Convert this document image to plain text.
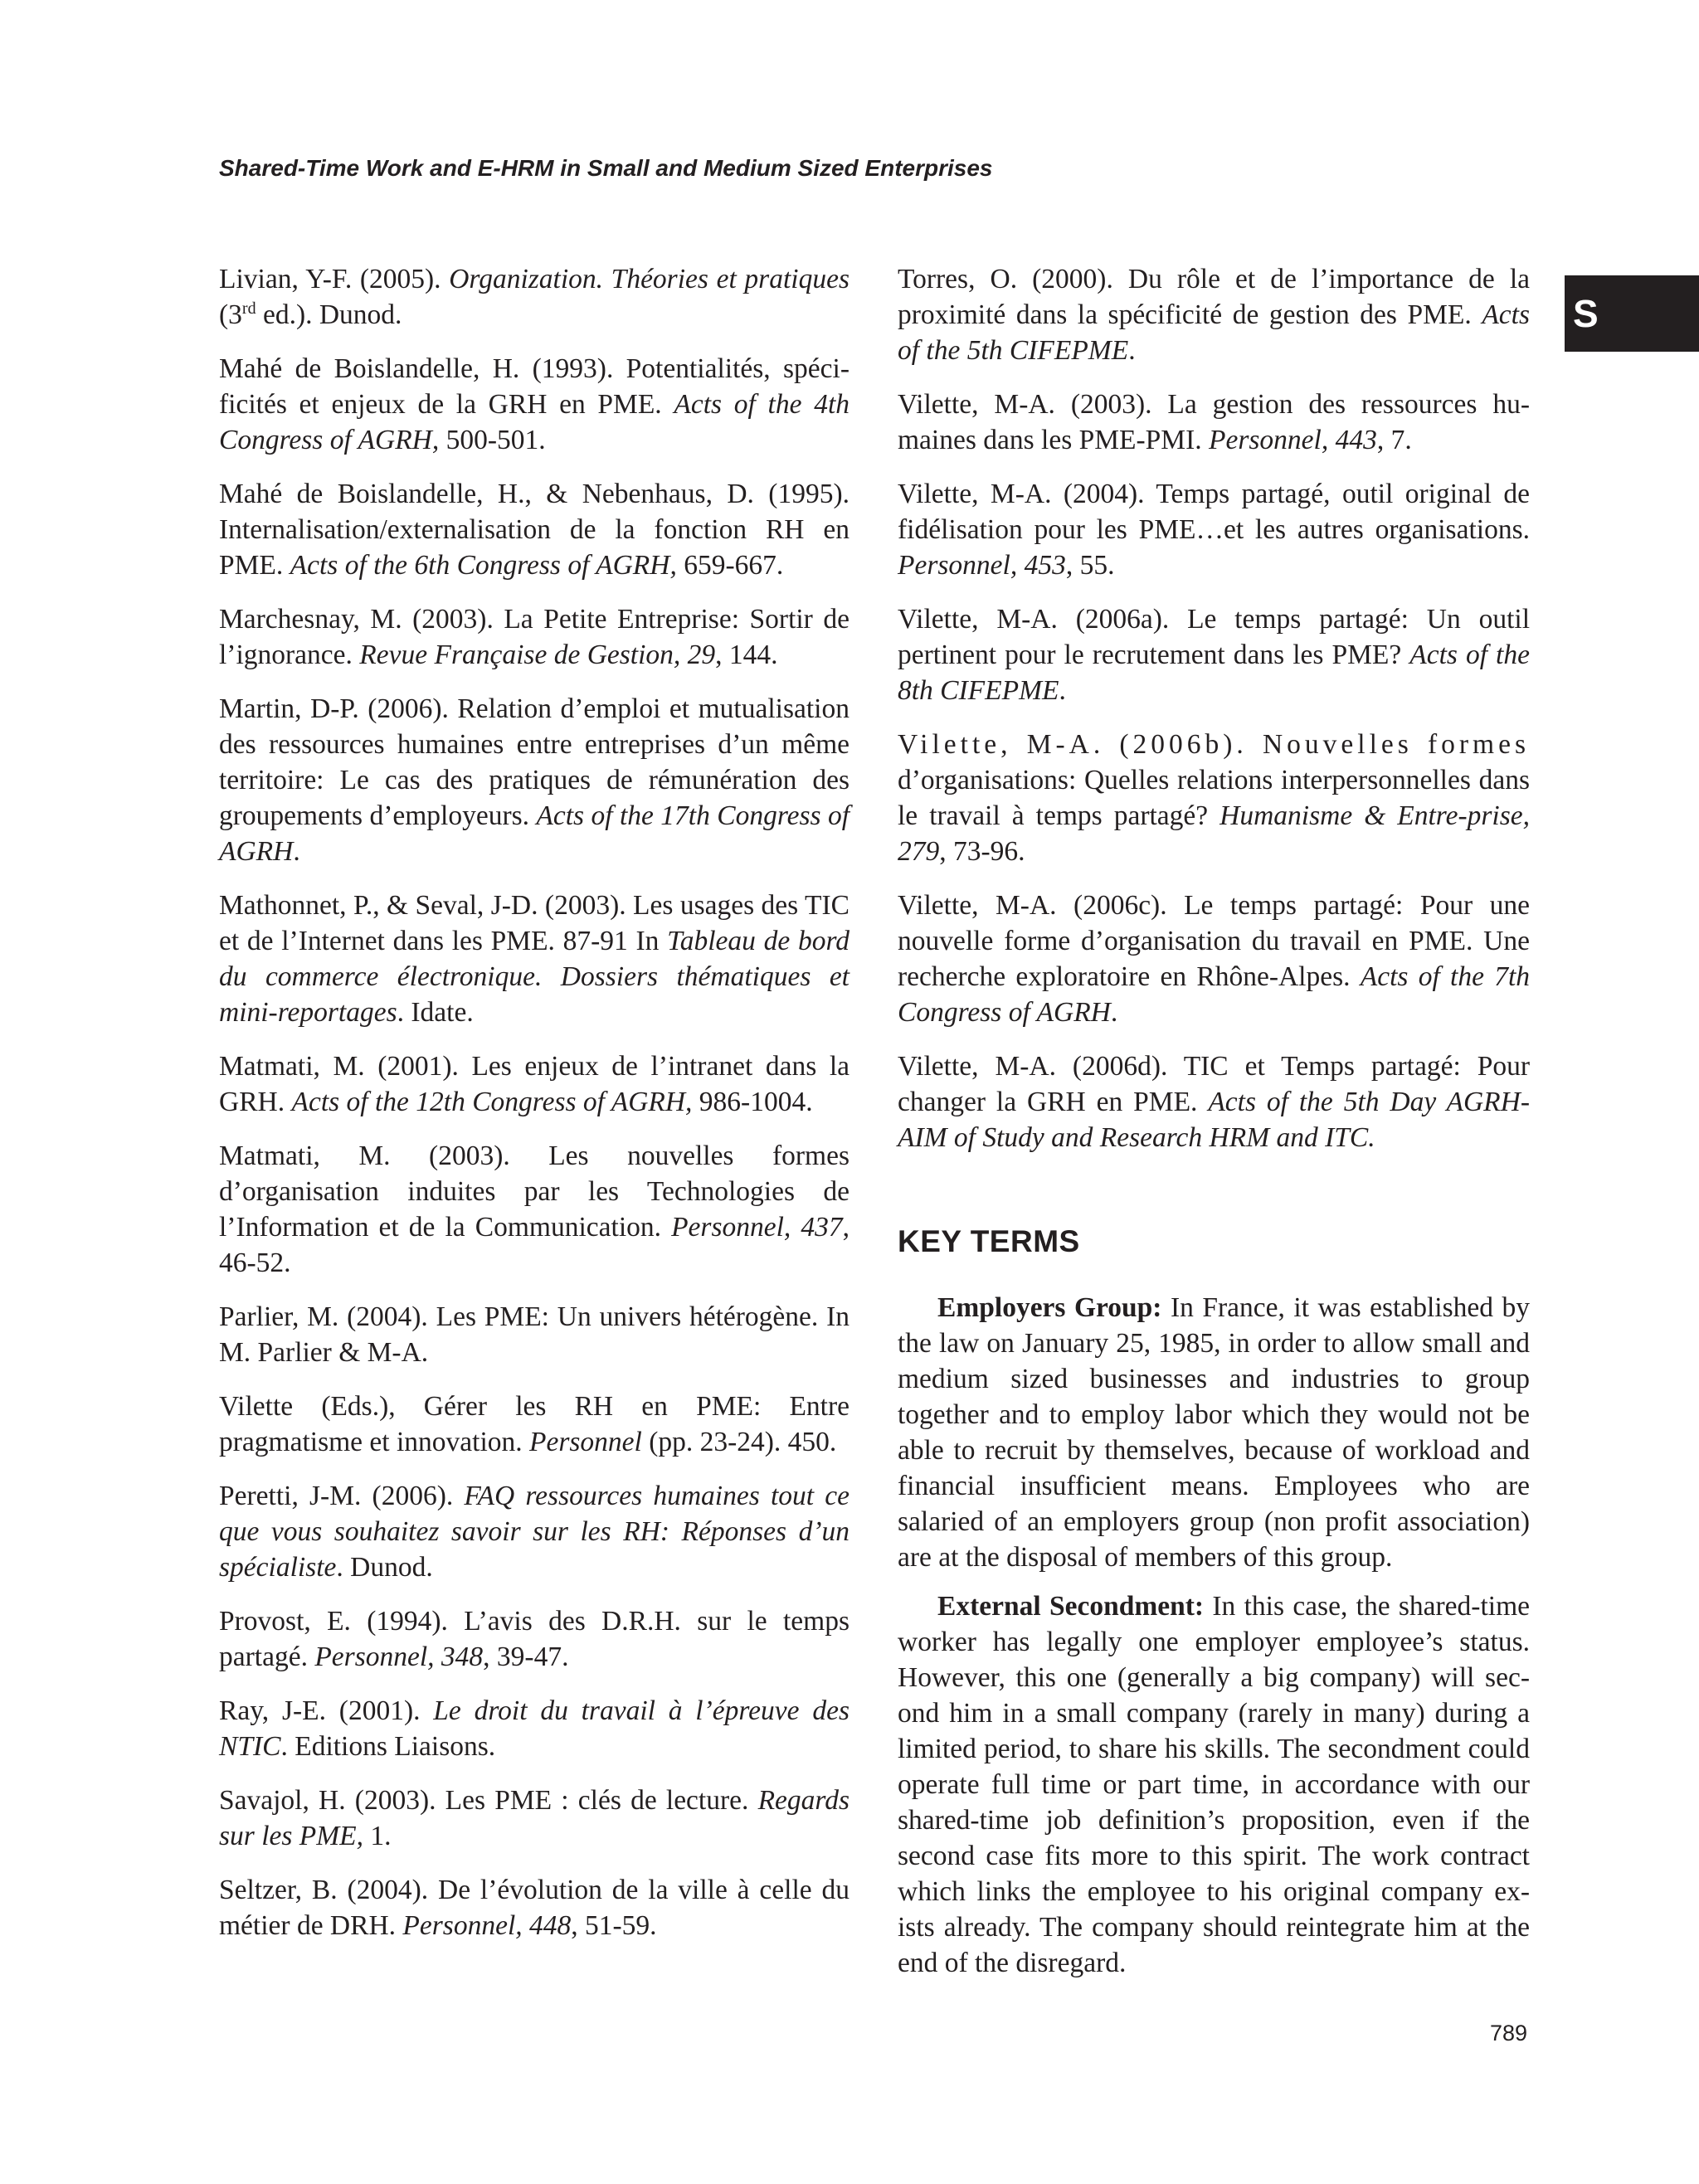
Shared-Time Work and E-HRM in Small and Medium Sized Enterprises
S

Livian, Y-F. (2005). Organization. Théories et pratiques (3rd ed.). Dunod.

Mahé de Boislandelle, H. (1993). Potentialités, spéci-ficités et enjeux de la GRH en PME. Acts of the 4th Congress of AGRH, 500-501.

Mahé de Boislandelle, H., & Nebenhaus, D. (1995). Internalisation/externalisation de la fonction RH en PME. Acts of the 6th Congress of AGRH, 659-667.

Marchesnay, M. (2003). La Petite Entreprise: Sortir de l’ignorance. Revue Française de Gestion, 29, 144.

Martin, D-P. (2006). Relation d’emploi et mutualisation des ressources humaines entre entreprises d’un même territoire: Le cas des pratiques de rémunération des groupements d’employeurs. Acts of the 17th Congress of AGRH.

Mathonnet, P., & Seval, J-D. (2003). Les usages des TIC et de l’Internet dans les PME. 87-91 In Tableau de bord du commerce électronique. Dossiers thématiques et mini-reportages. Idate.

Matmati, M. (2001). Les enjeux de l’intranet dans la GRH. Acts of the 12th Congress of AGRH, 986-1004.

Matmati, M. (2003). Les nouvelles formes d’organisation induites par les Technologies de l’Information et de la Communication. Personnel, 437, 46-52.

Parlier, M. (2004). Les PME: Un univers hétérogène. In M. Parlier & M-A.

Vilette (Eds.), Gérer les RH en PME: Entre pragmatisme et innovation. Personnel (pp. 23-24). 450.

Peretti, J-M. (2006). FAQ ressources humaines tout ce que vous souhaitez savoir sur les RH: Réponses d’un spécialiste. Dunod.

Provost, E. (1994). L’avis des D.R.H. sur le temps partagé. Personnel, 348, 39-47.

Ray, J-E. (2001). Le droit du travail à l’épreuve des NTIC. Editions Liaisons.

Savajol, H. (2003). Les PME : clés de lecture. Regards sur les PME, 1.

Seltzer, B. (2004). De l’évolution de la ville à celle du métier de DRH. Personnel, 448, 51-59.

Torres, O. (2000). Du rôle et de l’importance de la proximité dans la spécificité de gestion des PME. Acts of the 5th CIFEPME.

Vilette, M-A. (2003). La gestion des ressources hu-maines dans les PME-PMI. Personnel, 443, 7.

Vilette, M-A. (2004). Temps partagé, outil original de fidélisation pour les PME…et les autres organisations. Personnel, 453, 55.

Vilette, M-A. (2006a). Le temps partagé: Un outil pertinent pour le recrutement dans les PME? Acts of the 8th CIFEPME.

Vilette, M-A. (2006b). Nouvelles formes d’organisations: Quelles relations interpersonnelles dans le travail à temps partagé? Humanisme & Entre-prise, 279, 73-96.

Vilette, M-A. (2006c). Le temps partagé: Pour une nouvelle forme d’organisation du travail en PME. Une recherche exploratoire en Rhône-Alpes. Acts of the 7th Congress of AGRH.

Vilette, M-A. (2006d). TIC et Temps partagé: Pour changer la GRH en PME. Acts of the 5th Day AGRH-AIM of Study and Research HRM and ITC.

KEY TERMS

Employers Group: In France, it was established by the law on January 25, 1985, in order to allow small and medium sized businesses and industries to group together and to employ labor which they would not be able to recruit by themselves, because of workload and financial insufficient means. Employees who are salaried of an employers group (non profit association) are at the disposal of members of this group.

External Secondment: In this case, the shared-time worker has legally one employer employee’s status. However, this one (generally a big company) will sec-ond him in a small company (rarely in many) during a limited period, to share his skills. The secondment could operate full time or part time, in accordance with our shared-time job definition’s proposition, even if the second case fits more to this spirit. The work contract which links the employee to his original company ex-ists already. The company should reintegrate him at the end of the disregard.

789
